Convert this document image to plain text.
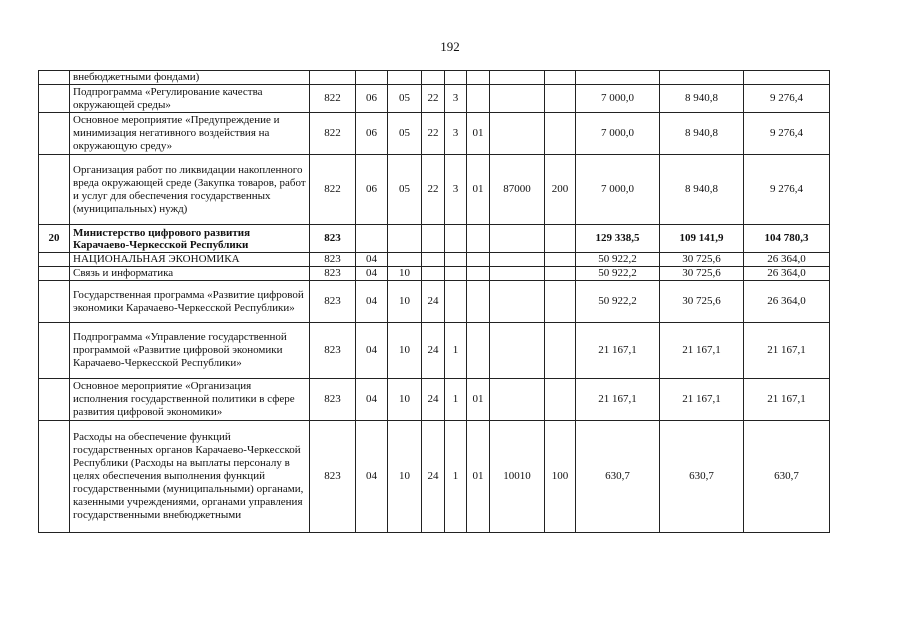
192
	внебюджетными фондами)											
	Подпрограмма «Регулирование качества окружающей среды»	822	06	05	22	3				7 000,0	8 940,8	9 276,4
	Основное мероприятие «Предупреждение и минимизация негативного воздействия на окружающую среду»	822	06	05	22	3	01			7 000,0	8 940,8	9 276,4
	Организация работ по ликвидации накопленного вреда окружающей среде (Закупка товаров, работ и услуг для обеспечения государственных (муниципальных) нужд)	822	06	05	22	3	01	87000	200	7 000,0	8 940,8	9 276,4
20	Министерство цифрового развития Карачаево-Черкесской Республики	823								129 338,5	109 141,9	104 780,3
	НАЦИОНАЛЬНАЯ ЭКОНОМИКА	823	04							50 922,2	30 725,6	26 364,0
	Связь и информатика	823	04	10						50 922,2	30 725,6	26 364,0
	Государственная программа «Развитие цифровой экономики Карачаево-Черкесской Республики»	823	04	10	24					50 922,2	30 725,6	26 364,0
	Подпрограмма «Управление государственной программой «Развитие цифровой экономики Карачаево-Черкесской Республики»	823	04	10	24	1				21 167,1	21 167,1	21 167,1
	Основное мероприятие «Организация исполнения государственной политики в сфере развития цифровой экономики»	823	04	10	24	1	01			21 167,1	21 167,1	21 167,1
	Расходы на обеспечение функций государственных органов Карачаево-Черкесской Республики (Расходы на выплаты персоналу в целях обеспечения выполнения функций государственными (муниципальными) органами, казенными учреждениями, органами управления государственными внебюджетными	823	04	10	24	1	01	10010	100	630,7	630,7	630,7
